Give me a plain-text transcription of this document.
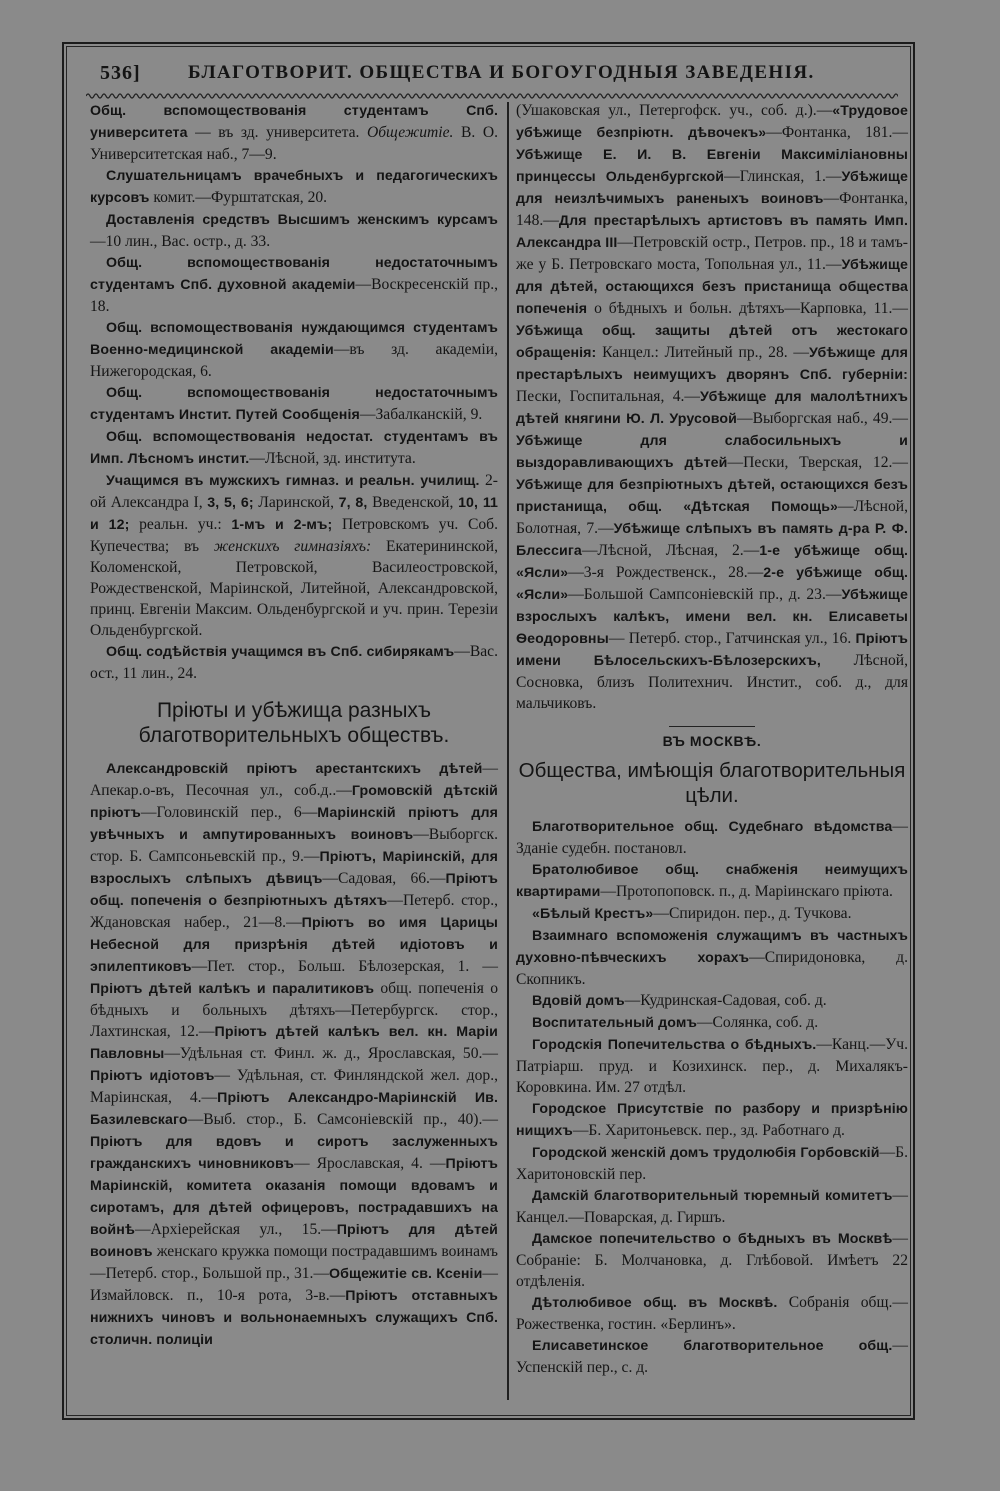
536] БЛАГОТВОРИТ. ОБЩЕСТВА И БОГОУГОДНЫЯ ЗАВЕДЕНІЯ.

Общ. вспомоществованія студентамъ Спб. университета — въ зд. университета. Общежитіе. В. О. Университетская наб., 7—9.

Слушательницамъ врачебныхъ и педагогическихъ курсовъ комит.—Фурштатская, 20.

Доставленія средствъ Высшимъ женскимъ курсамъ—10 лин., Вас. остр., д. 33.

Общ. вспомоществованія недостаточнымъ студентамъ Спб. духовной академіи—Воскресенскій пр., 18.

Общ. вспомоществованія нуждающимся студентамъ Военно-медицинской академіи—въ зд. академіи, Нижегородская, 6.

Общ. вспомоществованія недостаточнымъ студентамъ Инстит. Путей Сообщенія—Забалканскій, 9.

Общ. вспомоществованія недостат. студентамъ въ Имп. Лѣсномъ инстит.—Лѣсной, зд. института.

Учащимся въ мужскихъ гимназ. и реальн. училищ. 2-ой Александра I, 3, 5, 6; Ларинской, 7, 8, Введенской, 10, 11 и 12; реальн. уч.: 1-мъ и 2-мъ; Петровскомъ уч. Соб. Купечества; въ женскихъ гимназіяхъ: Екатерининской, Коломенской, Петровской, Василеостровской, Рождественской, Маріинской, Литейной, Александровской, принц. Евгеніи Максим. Ольденбургской и уч. прин. Терезіи Ольденбургской.

Общ. содѣйствія учащимся въ Спб. сибирякамъ—Вас. ост., 11 лин., 24.

Пріюты и убѣжища разныхъ благотворительныхъ обществъ.

Александровскій пріютъ арестантскихъ дѣтей—Апекар.о-въ, Песочная ул., соб.д..—Громовскій дѣтскій пріютъ—Головинскій пер., 6—Маріинскій пріютъ для увѣчныхъ и ампутированныхъ воиновъ—Выборгск. стор. Б. Сампсоньевскій пр., 9.—Пріютъ, Маріинскій, для взрослыхъ слѣпыхъ дѣвицъ—Садовая, 66.—Пріютъ общ. попеченія о безпріютныхъ дѣтяхъ—Петерб. стор., Ждановская набер., 21—8.—Пріютъ во имя Царицы Небесной для призрѣнія дѣтей идіотовъ и эпилептиковъ—Пет. стор., Больш. Бѣлозерская, 1. —Пріютъ дѣтей калѣкъ и паралитиковъ общ. попеченія о бѣдныхъ и больныхъ дѣтяхъ—Петербургск. стор., Лахтинская, 12.—Пріютъ дѣтей калѣкъ вел. кн. Маріи Павловны—Удѣльная ст. Финл. ж. д., Ярославская, 50.—Пріютъ идіотовъ— Удѣльная, ст. Финляндской жел. дор., Маріинская, 4.—Пріютъ Александро-Маріинскій Ив. Базилевскаго—Выб. стор., Б. Самсоніевскій пр., 40).—Пріютъ для вдовъ и сиротъ заслуженныхъ гражданскихъ чиновниковъ— Ярославская, 4. —Пріютъ Маріинскій, комитета оказанія помощи вдовамъ и сиротамъ, для дѣтей офицеровъ, пострадавшихъ на войнѣ—Архіерейская ул., 15.—Пріютъ для дѣтей воиновъ женскаго кружка помощи пострадавшимъ воинамъ—Петерб. стор., Большой пр., 31.—Общежитіе св. Ксеніи—Измайловск. п., 10-я рота, 3-в.—Пріютъ отставныхъ нижнихъ чиновъ и вольнонаемныхъ служащихъ Спб. столичн. полиціи

(Ушаковская ул., Петергофск. уч., соб. д.).—«Трудовое убѣжище безпріютн. дѣвочекъ»—Фонтанка, 181.—Убѣжище Е. И. В. Евгеніи Максиміліановны принцессы Ольденбургской—Глинская, 1.—Убѣжище для неизлѣчимыхъ раненыхъ воиновъ—Фонтанка, 148.—Для престарѣлыхъ артистовъ въ память Имп. Александра III—Петровскій остр., Петров. пр., 18 и тамъ-же у Б. Петровскаго моста, Топольная ул., 11.—Убѣжище для дѣтей, остающихся безъ пристанища общества попеченія о бѣдныхъ и больн. дѣтяхъ—Карповка, 11.—Убѣжища общ. защиты дѣтей отъ жестокаго обращенія: Канцел.: Литейный пр., 28. —Убѣжище для престарѣлыхъ неимущихъ дворянъ Спб. губерніи: Пески, Госпитальная, 4.—Убѣжище для малолѣтнихъ дѣтей княгини Ю. Л. Урусовой—Выборгская наб., 49.—Убѣжище для слабосильныхъ и выздоравливающихъ дѣтей—Пески, Тверская, 12.—Убѣжище для безпріютныхъ дѣтей, остающихся безъ пристанища, общ. «Дѣтская Помощь»—Лѣсной, Болотная, 7.—Убѣжище слѣпыхъ въ память д-ра Р. Ф. Блессига—Лѣсной, Лѣсная, 2.—1-е убѣжище общ. «Ясли»—3-я Рождественск., 28.—2-е убѣжище общ. «Ясли»—Большой Сампсоніевскій пр., д. 23.—Убѣжище взрослыхъ калѣкъ, имени вел. кн. Елисаветы Ѳеодоровны— Петерб. стор., Гатчинская ул., 16. Пріютъ имени Бѣлосельскихъ-Бѣлозерскихъ, Лѣсной, Сосновка, близъ Политехнич. Инстит., соб. д., для мальчиковъ.

ВЪ МОСКВѢ.
Общества, имѣющія благотворительныя цѣли.

Благотворительное общ. Судебнаго вѣдомства—Зданіе судебн. постановл.

Братолюбивое общ. снабженія неимущихъ квартирами—Протопоповск. п., д. Маріинскаго пріюта.

«Бѣлый Крестъ»—Спиридон. пер., д. Тучкова.

Взаимнаго вспоможенія служащимъ въ частныхъ духовно-пѣвческихъ хорахъ—Спиридоновка, д. Скопникъ.

Вдовій домъ—Кудринская-Садовая, соб. д.

Воспитательный домъ—Солянка, соб. д.

Городскія Попечительства о бѣдныхъ.—Канц.—Уч. Патріарш. пруд. и Козихинск. пер., д. Михалякъ-Коровкина. Им. 27 отдѣл.

Городское Присутствіе по разбору и призрѣнію нищихъ—Б. Харитоньевск. пер., зд. Работнаго д.

Городской женскій домъ трудолюбія Горбовскій—Б. Харитоновскій пер.

Дамскій благотворительный тюремный комитетъ—Канцел.—Поварская, д. Гиршъ.

Дамское попечительство о бѣдныхъ въ Москвѣ—Собраніе: Б. Молчановка, д. Глѣбовой. Имѣетъ 22 отдѣленія.

Дѣтолюбивое общ. въ Москвѣ. Собранія общ.—Рожественка, гостин. «Берлинъ».

Елисаветинское благотворительное общ.—Успенскій пер., с. д.
